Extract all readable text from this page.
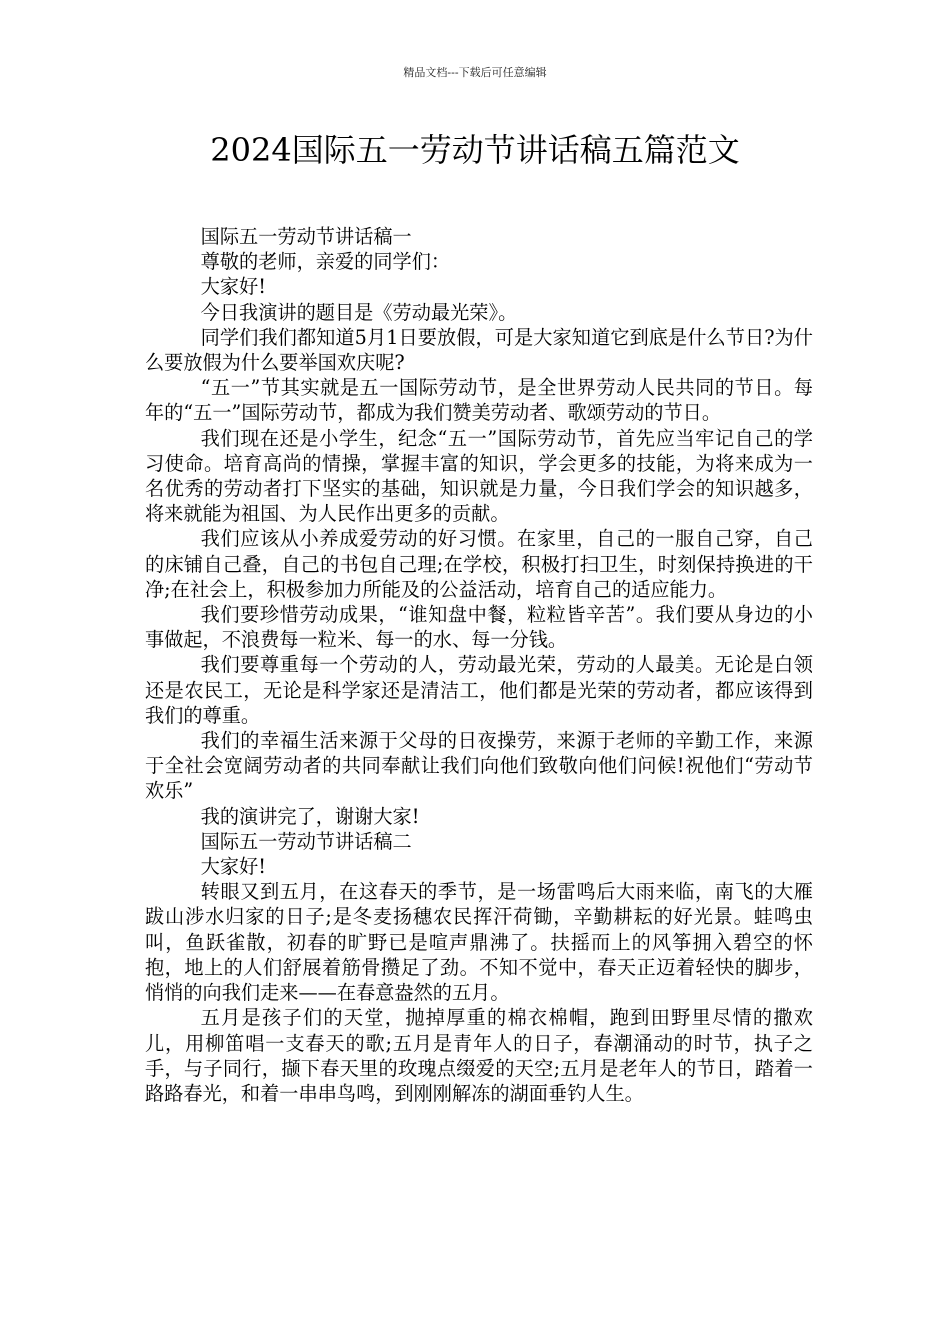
精品文档---下载后可任意编辑
2024国际五一劳动节讲话稿五篇范文

国际五一劳动节讲话稿一

尊敬的老师，亲爱的同学们：

大家好!

今日我演讲的题目是《劳动最光荣》。

同学们我们都知道5月1日要放假，可是大家知道它到底是什么节日?为什么要放假为什么要举国欢庆呢?

“五一”节其实就是五一国际劳动节，是全世界劳动人民共同的节日。每年的“五一”国际劳动节，都成为我们赞美劳动者、歌颂劳动的节日。

我们现在还是小学生，纪念“五一”国际劳动节，首先应当牢记自己的学习使命。培育高尚的情操，掌握丰富的知识，学会更多的技能，为将来成为一名优秀的劳动者打下坚实的基础，知识就是力量，今日我们学会的知识越多，将来就能为祖国、为人民作出更多的贡献。

我们应该从小养成爱劳动的好习惯。在家里，自己的一服自己穿，自己的床铺自己叠，自己的书包自己理;在学校，积极打扫卫生，时刻保持换进的干净;在社会上，积极参加力所能及的公益活动，培育自己的适应能力。

我们要珍惜劳动成果，“谁知盘中餐，粒粒皆辛苦”。我们要从身边的小事做起，不浪费每一粒米、每一的水、每一分钱。

我们要尊重每一个劳动的人，劳动最光荣，劳动的人最美。无论是白领还是农民工，无论是科学家还是清洁工，他们都是光荣的劳动者，都应该得到我们的尊重。

我们的幸福生活来源于父母的日夜操劳，来源于老师的辛勤工作，来源于全社会宽阔劳动者的共同奉献让我们向他们致敬向他们问候!祝他们“劳动节欢乐”

我的演讲完了，谢谢大家!

国际五一劳动节讲话稿二

大家好!

转眼又到五月，在这春天的季节，是一场雷鸣后大雨来临，南飞的大雁跋山涉水归家的日子;是冬麦扬穗农民挥汗荷锄，辛勤耕耘的好光景。蛙鸣虫叫，鱼跃雀散，初春的旷野已是喧声鼎沸了。扶摇而上的风筝拥入碧空的怀抱，地上的人们舒展着筋骨攒足了劲。不知不觉中，春天正迈着轻快的脚步，悄悄的向我们走来——在春意盎然的五月。

五月是孩子们的天堂，抛掉厚重的棉衣棉帽，跑到田野里尽情的撒欢儿，用柳笛唱一支春天的歌;五月是青年人的日子，春潮涌动的时节，执子之手，与子同行，撷下春天里的玫瑰点缀爱的天空;五月是老年人的节日，踏着一路路春光，和着一串串鸟鸣，到刚刚解冻的湖面垂钓人生。
